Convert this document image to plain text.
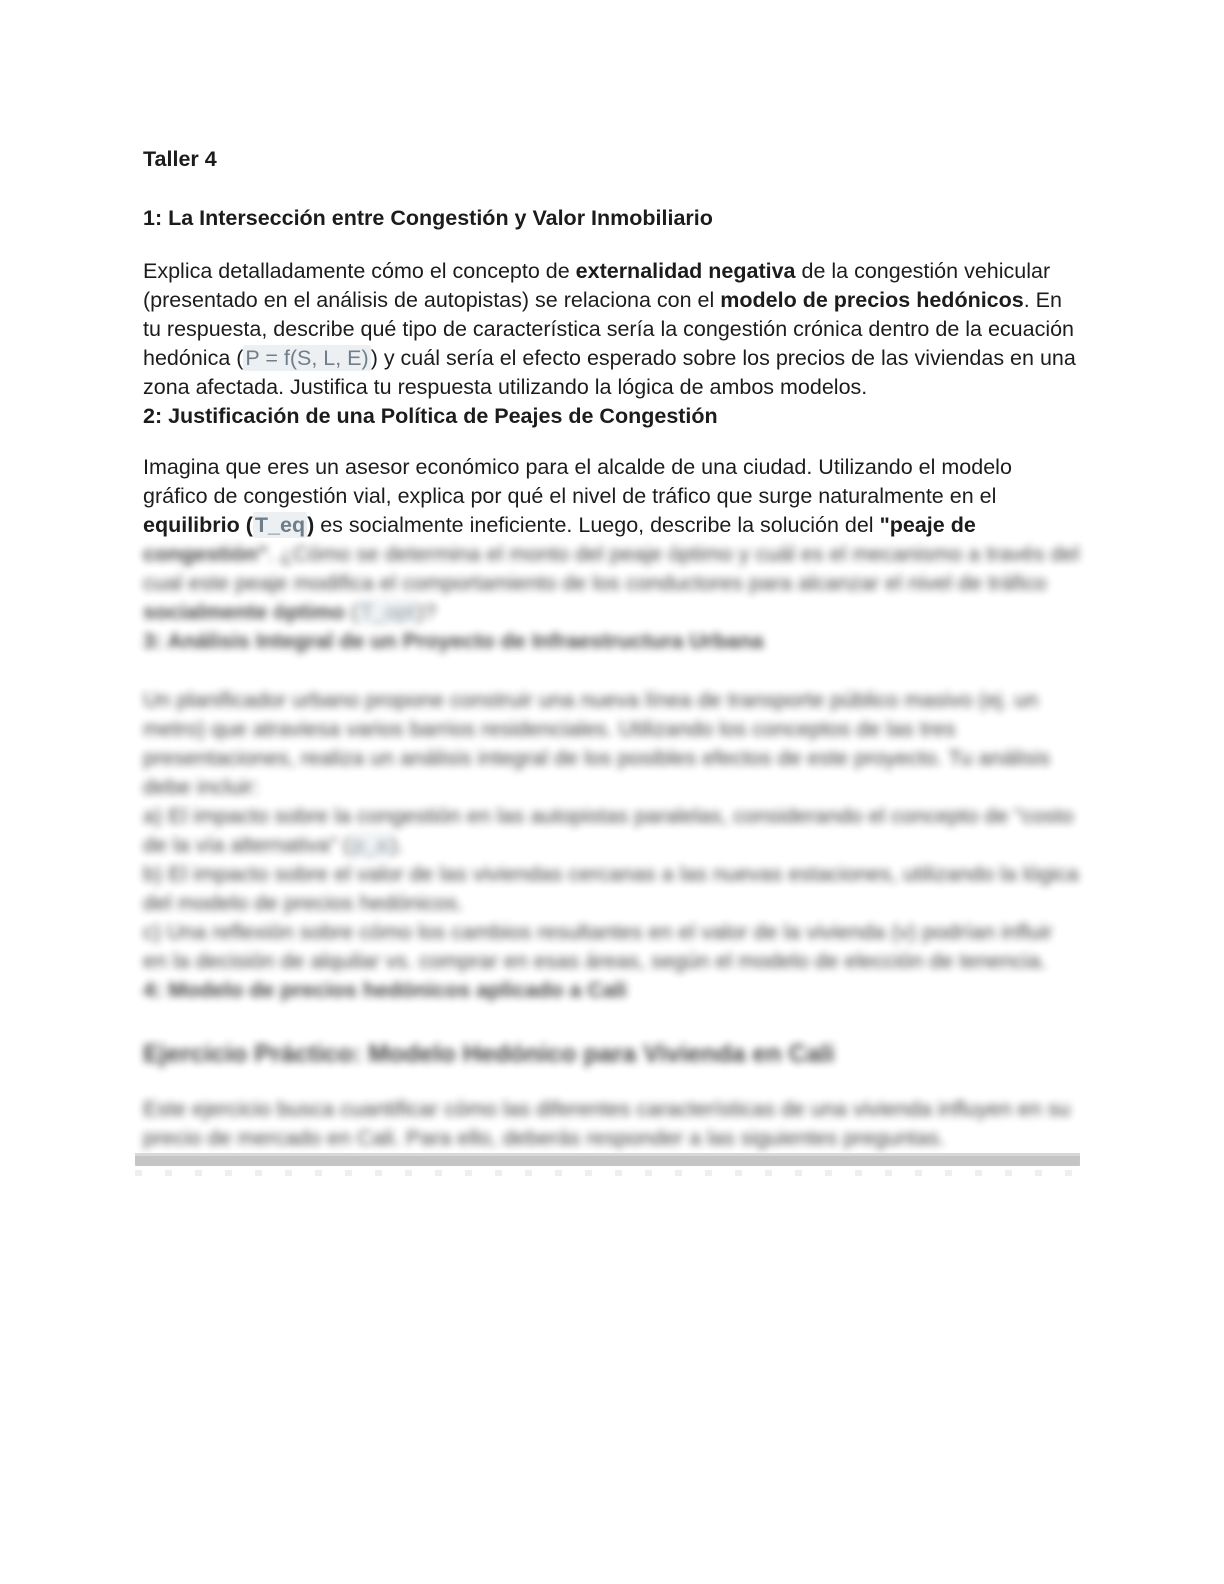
Taller 4

1: La Intersección entre Congestión y Valor Inmobiliario

Explica detalladamente cómo el concepto de externalidad negativa de la congestión vehicular (presentado en el análisis de autopistas) se relaciona con el modelo de precios hedónicos. En tu respuesta, describe qué tipo de característica sería la congestión crónica dentro de la ecuación hedónica (P = f(S, L, E)) y cuál sería el efecto esperado sobre los precios de las viviendas en una zona afectada. Justifica tu respuesta utilizando la lógica de ambos modelos.

2: Justificación de una Política de Peajes de Congestión

Imagina que eres un asesor económico para el alcalde de una ciudad. Utilizando el modelo gráfico de congestión vial, explica por qué el nivel de tráfico que surge naturalmente en el equilibrio (T_eq) es socialmente ineficiente. Luego, describe la solución del "peaje de congestión". ¿Cómo se determina el monto del peaje óptimo y cuál es el mecanismo a través del cual este peaje modifica el comportamiento de los conductores para alcanzar el nivel de tráfico socialmente óptimo (T_opt)?

3: Análisis Integral de un Proyecto de Infraestructura Urbana

Un planificador urbano propone construir una nueva línea de transporte público masivo (ej. un metro) que atraviesa varios barrios residenciales. Utilizando los conceptos de las tres presentaciones, realiza un análisis integral de los posibles efectos de este proyecto. Tu análisis debe incluir:

a) El impacto sobre la congestión en las autopistas paralelas, considerando el concepto de "costo de la vía alternativa" (p_a).

b) El impacto sobre el valor de las viviendas cercanas a las nuevas estaciones, utilizando la lógica del modelo de precios hedónicos.

c) Una reflexión sobre cómo los cambios resultantes en el valor de la vivienda (v) podrían influir en la decisión de alquilar vs. comprar en esas áreas, según el modelo de elección de tenencia.

4: Modelo de precios hedónicos aplicado a Cali

Ejercicio Práctico: Modelo Hedónico para Vivienda en Cali

Este ejercicio busca cuantificar cómo las diferentes características de una vivienda influyen en su precio de mercado en Cali. Para ello, deberás responder a las siguientes preguntas.
